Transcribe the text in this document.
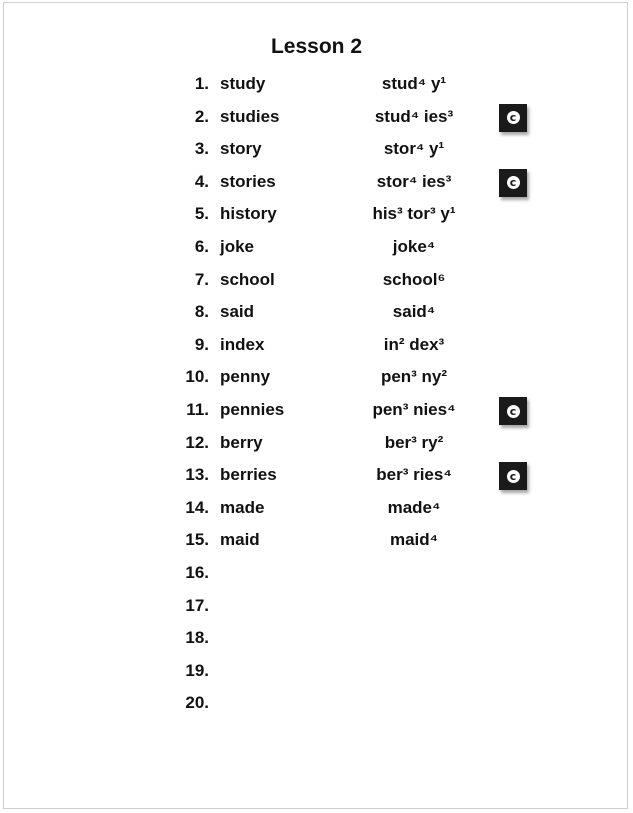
Lesson 2
1. study	stud⁴ y¹
2. studies	stud⁴ ies³	c
3. story	stor⁴ y¹
4. stories	stor⁴ ies³	c
5. history	his³ tor³ y¹
6. joke	joke⁴
7. school	school⁶
8. said	said⁴
9. index	in² dex³
10. penny	pen³ ny²
11. pennies	pen³ nies⁴	c
12. berry	ber³ ry²
13. berries	ber³ ries⁴	c
14. made	made⁴
15. maid	maid⁴
16.
17.
18.
19.
20.
